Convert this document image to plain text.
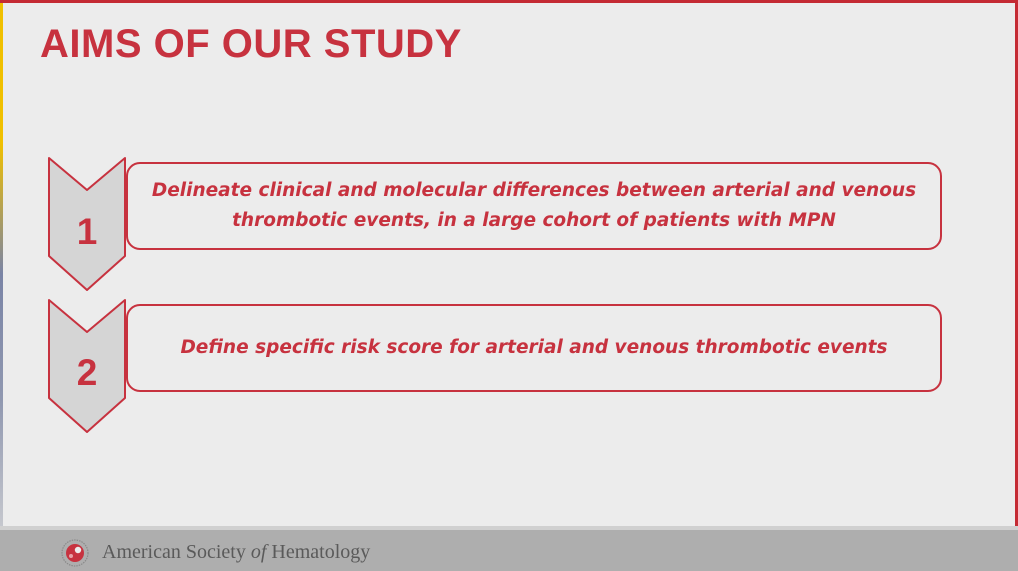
AIMS OF OUR STUDY
1
Delineate clinical and molecular differences between arterial and venous thrombotic events, in a large cohort of patients with MPN
2
Define specific risk score for arterial and venous thrombotic events
American Society of Hematology
